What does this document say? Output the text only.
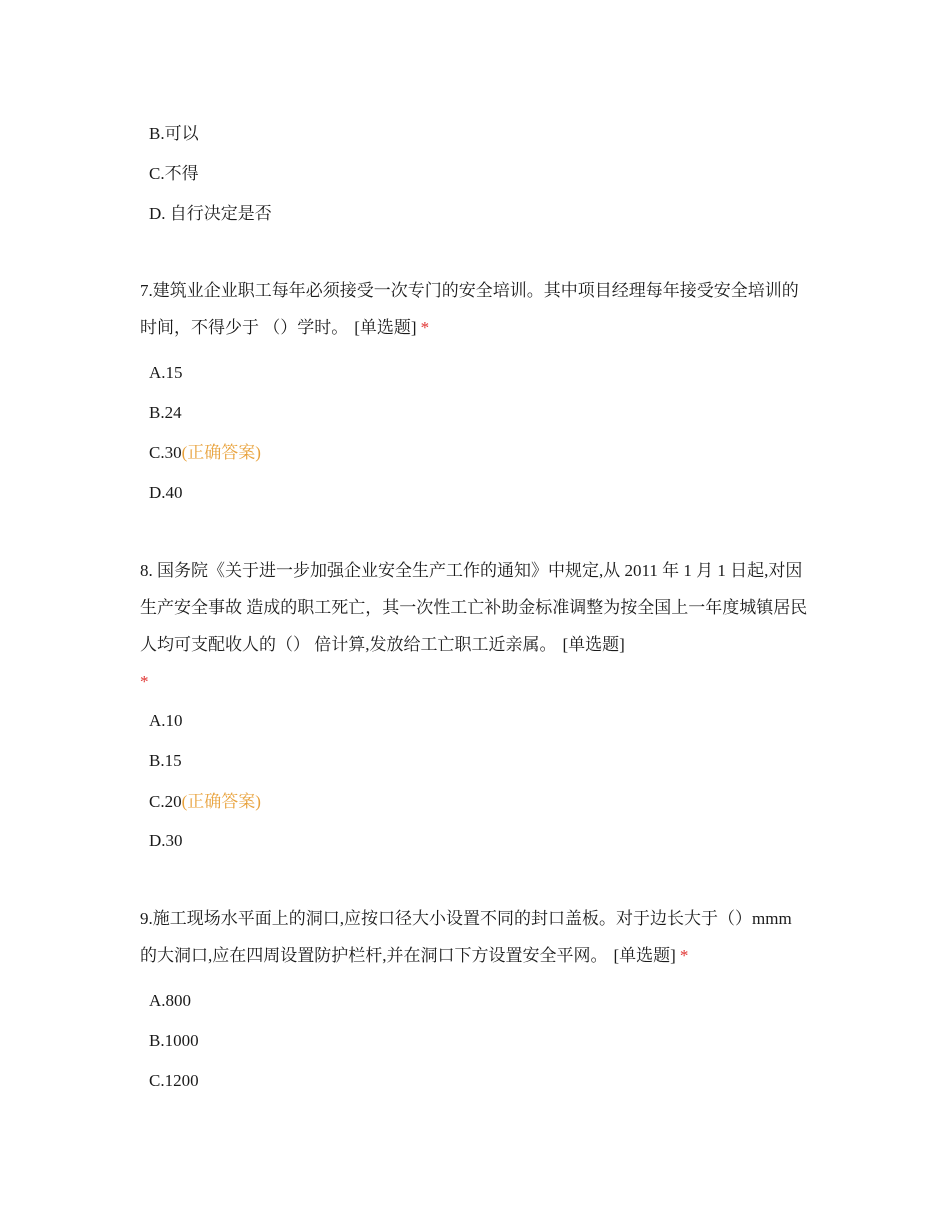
B.可以
C.不得
D. 自行决定是否
7.建筑业企业职工每年必须接受一次专门的安全培训。其中项目经理每年接受安全培训的时间，不得少于 （）学时。 [单选题] *
A.15
B.24
C.30(正确答案)
D.40
8. 国务院《关于进一步加强企业安全生产工作的通知》中规定,从 2011 年 1 月 1 日起,对因生产安全事故 造成的职工死亡，其一次性工亡补助金标准调整为按全国上一年度城镇居民人均可支配收人的（） 倍计算,发放给工亡职工近亲属。 [单选题]
*
A.10
B.15
C.20(正确答案)
D.30
9.施工现场水平面上的洞口,应按口径大小设置不同的封口盖板。对于边长大于（）mmm 的大洞口,应在四周设置防护栏杆,并在洞口下方设置安全平网。 [单选题] *
A.800
B.1000
C.1200
